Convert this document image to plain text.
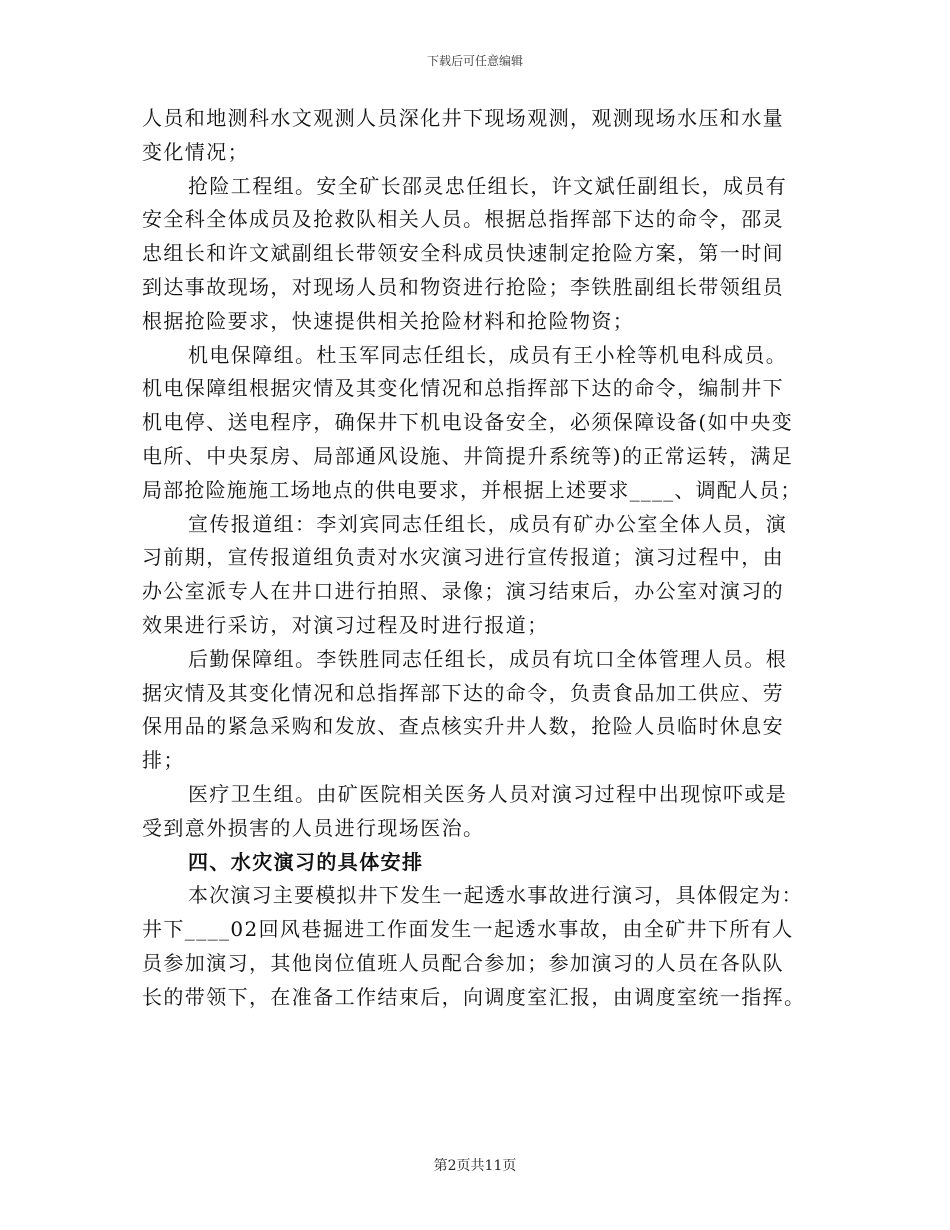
下载后可任意编辑

人员和地测科水文观测人员深化井下现场观测，观测现场水压和水量

变化情况；

抢险工程组。安全矿长邵灵忠任组长，许文斌任副组长，成员有

安全科全体成员及抢救队相关人员。根据总指挥部下达的命令，邵灵

忠组长和许文斌副组长带领安全科成员快速制定抢险方案，第一时间

到达事故现场，对现场人员和物资进行抢险；李铁胜副组长带领组员

根据抢险要求，快速提供相关抢险材料和抢险物资；

机电保障组。杜玉军同志任组长，成员有王小栓等机电科成员。

机电保障组根据灾情及其变化情况和总指挥部下达的命令，编制井下

机电停、送电程序，确保井下机电设备安全，必须保障设备(如中央变

电所、中央泵房、局部通风设施、井筒提升系统等)的正常运转，满足

局部抢险施施工场地点的供电要求，并根据上述要求____、调配人员；

宣传报道组：李刘宾同志任组长，成员有矿办公室全体人员，演

习前期，宣传报道组负责对水灾演习进行宣传报道；演习过程中，由

办公室派专人在井口进行拍照、录像；演习结束后，办公室对演习的

效果进行采访，对演习过程及时进行报道；

后勤保障组。李铁胜同志任组长，成员有坑口全体管理人员。根

据灾情及其变化情况和总指挥部下达的命令，负责食品加工供应、劳

保用品的紧急采购和发放、查点核实升井人数，抢险人员临时休息安

排；

医疗卫生组。由矿医院相关医务人员对演习过程中出现惊吓或是

受到意外损害的人员进行现场医治。

四、水灾演习的具体安排

本次演习主要模拟井下发生一起透水事故进行演习，具体假定为：

井下____02回风巷掘进工作面发生一起透水事故，由全矿井下所有人

员参加演习，其他岗位值班人员配合参加；参加演习的人员在各队队

长的带领下，在准备工作结束后，向调度室汇报，由调度室统一指挥。

第2页共11页
